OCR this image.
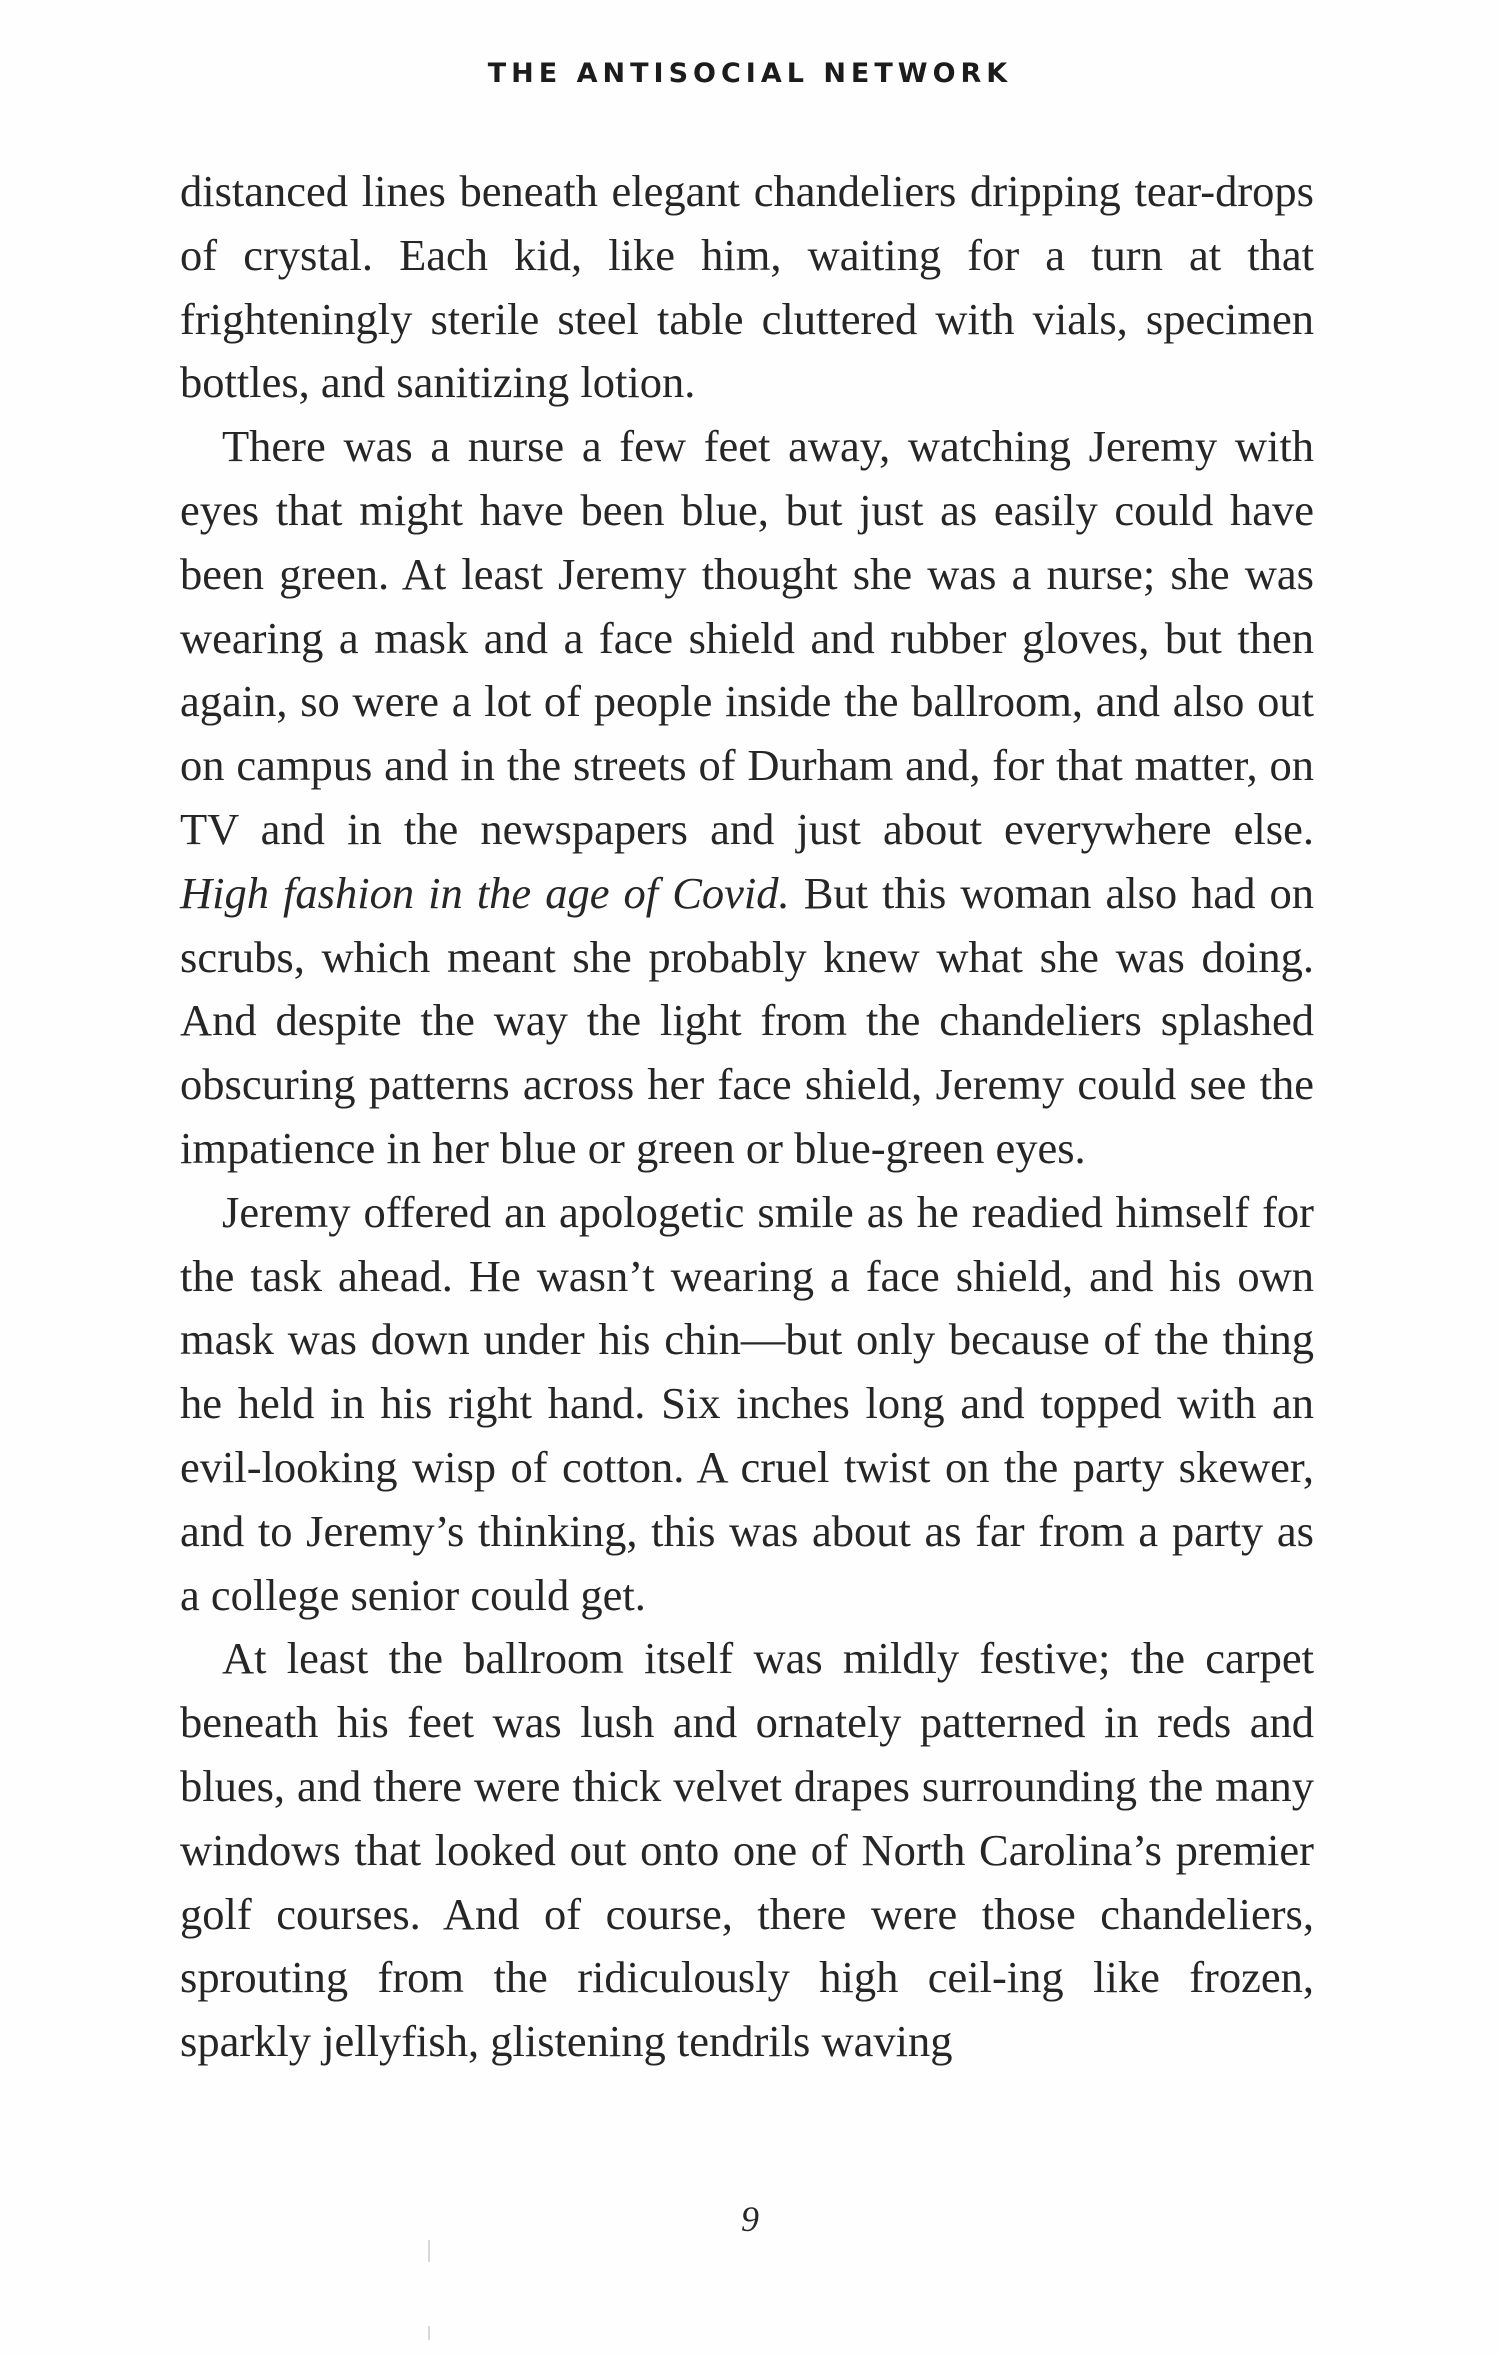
THE ANTISOCIAL NETWORK

distanced lines beneath elegant chandeliers dripping tear-drops of crystal. Each kid, like him, waiting for a turn at that frighteningly sterile steel table cluttered with vials, specimen bottles, and sanitizing lotion.

There was a nurse a few feet away, watching Jeremy with eyes that might have been blue, but just as easily could have been green. At least Jeremy thought she was a nurse; she was wearing a mask and a face shield and rubber gloves, but then again, so were a lot of people inside the ballroom, and also out on campus and in the streets of Durham and, for that matter, on TV and in the newspapers and just about everywhere else. High fashion in the age of Covid. But this woman also had on scrubs, which meant she probably knew what she was doing. And despite the way the light from the chandeliers splashed obscuring patterns across her face shield, Jeremy could see the impatience in her blue or green or blue-green eyes.

Jeremy offered an apologetic smile as he readied himself for the task ahead. He wasn’t wearing a face shield, and his own mask was down under his chin—but only because of the thing he held in his right hand. Six inches long and topped with an evil-looking wisp of cotton. A cruel twist on the party skewer, and to Jeremy’s thinking, this was about as far from a party as a college senior could get.

At least the ballroom itself was mildly festive; the carpet beneath his feet was lush and ornately patterned in reds and blues, and there were thick velvet drapes surrounding the many windows that looked out onto one of North Carolina’s premier golf courses. And of course, there were those chandeliers, sprouting from the ridiculously high ceil-ing like frozen, sparkly jellyfish, glistening tendrils waving

9
